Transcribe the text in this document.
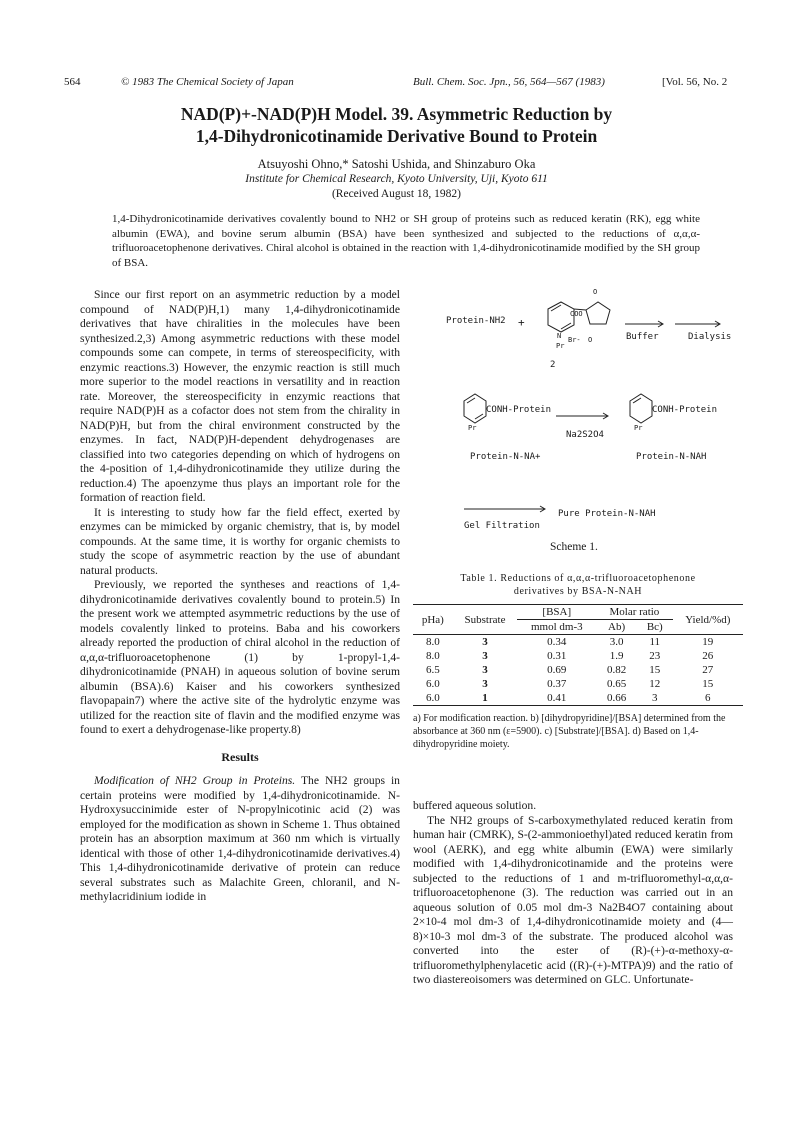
564	© 1983 The Chemical Society of Japan	Bull. Chem. Soc. Jpn., 56, 564—567 (1983)	[Vol. 56, No. 2
NAD(P)+-NAD(P)H Model. 39. Asymmetric Reduction by
1,4-Dihydronicotinamide Derivative Bound to Protein
Atsuyoshi Ohno,* Satoshi Ushida, and Shinzaburo Oka
Institute for Chemical Research, Kyoto University, Uji, Kyoto 611
(Received August 18, 1982)
1,4-Dihydronicotinamide derivatives covalently bound to NH2 or SH group of proteins such as reduced keratin (RK), egg white albumin (EWA), and bovine serum albumin (BSA) have been synthesized and subjected to the reductions of α,α,α-trifluoroacetophenone derivatives. Chiral alcohol is obtained in the reaction with 1,4-dihydronicotinamide modified by the SH group of BSA.

Since our first report on an asymmetric reduction by a model compound of NAD(P)H,1) many 1,4-dihydronicotinamide derivatives that have chiralities in the molecules have been synthesized.2,3) Among asymmetric reductions with these model compounds some can compete, in terms of stereospecificity, with enzymic reactions.3) However, the enzymic reaction is still much more superior to the model reactions in versatility and in reaction rate. Moreover, the stereospecificity in enzymic reactions that require NAD(P)H as a cofactor does not stem from the chirality in NAD(P)H, but from the chiral environment constructed by the enzymes. In fact, NAD(P)H-dependent dehydrogenases are classified into two categories depending on which of hydrogens on the 4-position of 1,4-dihydronicotinamide they utilize during the reduction.4) The apoenzyme thus plays an important role for the formation of reaction field.

It is interesting to study how far the field effect, exerted by enzymes can be mimicked by organic chemistry, that is, by model compounds. At the same time, it is worthy for organic chemists to study the scope of asymmetric reaction by the use of abundant natural products.

Previously, we reported the syntheses and reactions of 1,4-dihydronicotinamide derivatives covalently bound to protein.5) In the present work we attempted asymmetric reductions by the use of models covalently linked to proteins. Baba and his coworkers already reported the production of chiral alcohol in the reduction of α,α,α-trifluoroacetophenone (1) by 1-propyl-1,4-dihydronicotinamide (PNAH) in aqueous solution of bovine serum albumin (BSA).6) Kaiser and his coworkers synthesized flavopapain7) where the active site of the hydrolytic enzyme was utilized for the reaction site of flavin and the modified enzyme was found to exert a dehydrogenase-like property.8)

Results

Modification of NH2 Group in Proteins. The NH2 groups in certain proteins were modified by 1,4-dihydronicotinamide. N-Hydroxysuccinimide ester of N-propylnicotinic acid (2) was employed for the modification as shown in Scheme 1. Thus obtained protein has an absorption maximum at 360 nm which is virtually identical with those of other 1,4-dihydronicotinamide derivatives.4) This 1,4-dihydronicotinamide derivative of protein can reduce several substrates such as Malachite Green, chloranil, and N-methylacridinium iodide in

Protein-NH2 +
COO
N
Pr
Br-
O
O	Buffer	Dialysis
2
CONH-Protein	CONH-Protein
Pr	Pr
Na2S2O4
Protein-N-NA+	Protein-N-NAH
Pure Protein-N-NAH
Gel Filtration
Scheme 1.
Table 1. Reductions of α,α,α-trifluoroacetophenone
derivatives by BSA-N-NAH
pHa)	Substrate	[BSA]	Molar ratio		Yield/%d)
		mmol dm-3	Ab)	Bc)	
8.0	3	0.34	3.0	11	19
8.0	3	0.31	1.9	23	26
6.5	3	0.69	0.82	15	27
6.0	3	0.37	0.65	12	15
6.0	1	0.41	0.66	3	6
a) For modification reaction. b) [dihydropyridine]/[BSA] determined from the absorbance at 360 nm (ε=5900). c) [Substrate]/[BSA]. d) Based on 1,4-dihydropyridine moiety.

buffered aqueous solution.

The NH2 groups of S-carboxymethylated reduced keratin from human hair (CMRK), S-(2-ammonioethyl)ated reduced keratin from wool (AERK), and egg white albumin (EWA) were similarly modified with 1,4-dihydronicotinamide and the proteins were subjected to the reductions of 1 and m-trifluoromethyl-α,α,α-trifluoroacetophenone (3). The reduction was carried out in an aqueous solution of 0.05 mol dm-3 Na2B4O7 containing about 2×10-4 mol dm-3 of 1,4-dihydronicotinamide moiety and (4—8)×10-3 mol dm-3 of the substrate. The produced alcohol was converted into the ester of (R)-(+)-α-methoxy-α-trifluoromethylphenylacetic acid ((R)-(+)-MTPA)9) and the ratio of two diastereoisomers was determined on GLC. Unfortunate-
